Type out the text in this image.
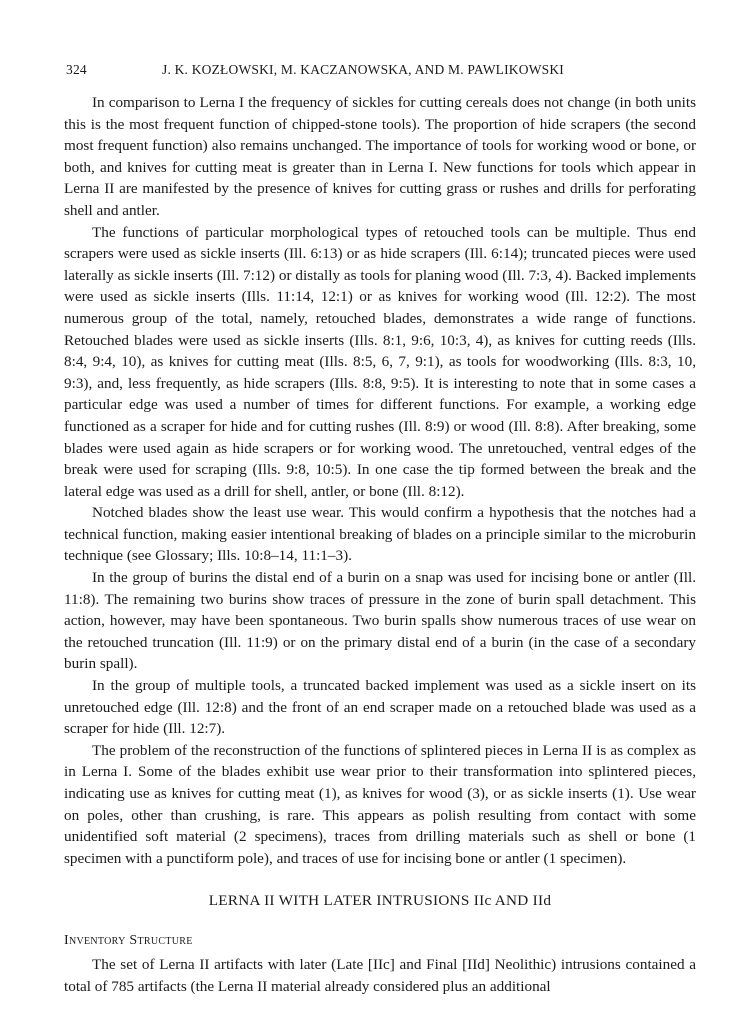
324	J. K. KOZŁOWSKI, M. KACZANOWSKA, AND M. PAWLIKOWSKI

In comparison to Lerna I the frequency of sickles for cutting cereals does not change (in both units this is the most frequent function of chipped-stone tools). The proportion of hide scrapers (the second most frequent function) also remains unchanged. The importance of tools for working wood or bone, or both, and knives for cutting meat is greater than in Lerna I. New functions for tools which appear in Lerna II are manifested by the presence of knives for cutting grass or rushes and drills for perforating shell and antler.

The functions of particular morphological types of retouched tools can be multiple. Thus end scrapers were used as sickle inserts (Ill. 6:13) or as hide scrapers (Ill. 6:14); truncated pieces were used laterally as sickle inserts (Ill. 7:12) or distally as tools for planing wood (Ill. 7:3, 4). Backed implements were used as sickle inserts (Ills. 11:14, 12:1) or as knives for working wood (Ill. 12:2). The most numerous group of the total, namely, retouched blades, demonstrates a wide range of functions. Retouched blades were used as sickle inserts (Ills. 8:1, 9:6, 10:3, 4), as knives for cutting reeds (Ills. 8:4, 9:4, 10), as knives for cutting meat (Ills. 8:5, 6, 7, 9:1), as tools for woodworking (Ills. 8:3, 10, 9:3), and, less frequently, as hide scrapers (Ills. 8:8, 9:5). It is interesting to note that in some cases a particular edge was used a number of times for different functions. For example, a working edge functioned as a scraper for hide and for cutting rushes (Ill. 8:9) or wood (Ill. 8:8). After breaking, some blades were used again as hide scrapers or for working wood. The unretouched, ventral edges of the break were used for scraping (Ills. 9:8, 10:5). In one case the tip formed between the break and the lateral edge was used as a drill for shell, antler, or bone (Ill. 8:12).

Notched blades show the least use wear. This would confirm a hypothesis that the notches had a technical function, making easier intentional breaking of blades on a principle similar to the microburin technique (see Glossary; Ills. 10:8–14, 11:1–3).

In the group of burins the distal end of a burin on a snap was used for incising bone or antler (Ill. 11:8). The remaining two burins show traces of pressure in the zone of burin spall detachment. This action, however, may have been spontaneous. Two burin spalls show numerous traces of use wear on the retouched truncation (Ill. 11:9) or on the primary distal end of a burin (in the case of a secondary burin spall).

In the group of multiple tools, a truncated backed implement was used as a sickle insert on its unretouched edge (Ill. 12:8) and the front of an end scraper made on a retouched blade was used as a scraper for hide (Ill. 12:7).

The problem of the reconstruction of the functions of splintered pieces in Lerna II is as complex as in Lerna I. Some of the blades exhibit use wear prior to their transformation into splintered pieces, indicating use as knives for cutting meat (1), as knives for wood (3), or as sickle inserts (1). Use wear on poles, other than crushing, is rare. This appears as polish resulting from contact with some unidentified soft material (2 specimens), traces from drilling materials such as shell or bone (1 specimen with a punctiform pole), and traces of use for incising bone or antler (1 specimen).

LERNA II WITH LATER INTRUSIONS IIc AND IId
Inventory Structure

The set of Lerna II artifacts with later (Late [IIc] and Final [IId] Neolithic) intrusions contained a total of 785 artifacts (the Lerna II material already considered plus an additional
